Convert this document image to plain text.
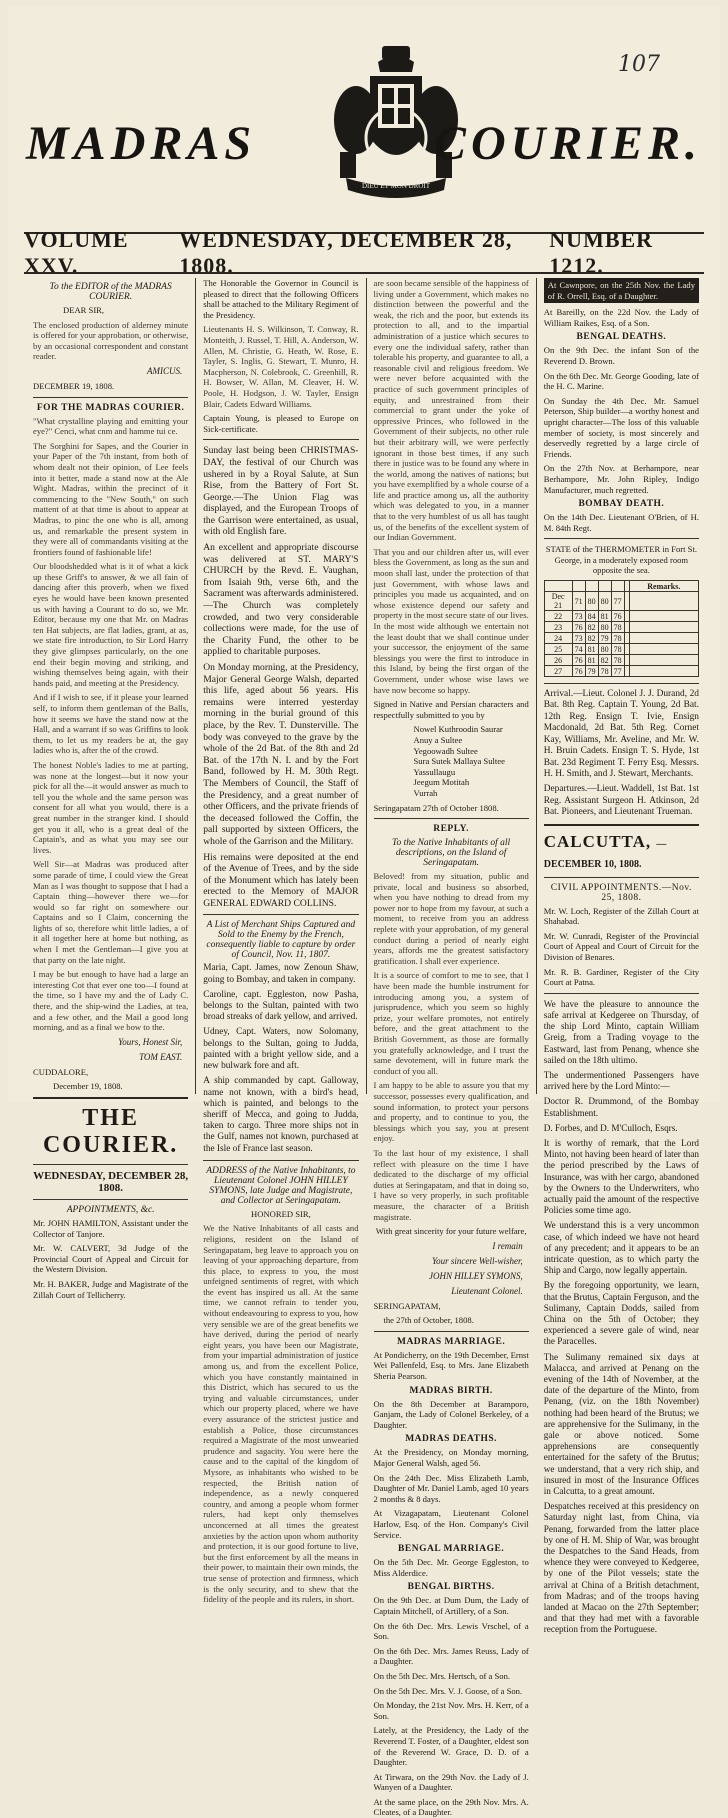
107
MADRAS
DIEU ET MON DROIT
COURIER.
VOLUME XXV.
WEDNESDAY, DECEMBER 28, 1808.
NUMBER 1212.
To the EDITOR of the MADRAS COURIER.
DEAR SIR,
The enclosed production of alderney minute is offered for your approbation, or otherwise, by an occasional correspondent and constant reader.
AMICUS.
DECEMBER 19, 1808.
FOR THE MADRAS COURIER.
"What crystalline playing and emitting your eye?" Cenci, what cnm and hamme tui ce.
The Sorghini for Sapes, and the Courier in your Paper of the 7th instant, from both of whom dealt not their opinion, of Lee feels into it better, made a stand now at the Ale Wight. Madras, within the precinct of it commencing to the "New South," on such mattent of at that time is about to appear at Madras, to pinc the one who is all, among us, and remarkable the present system in they were all of commandants visiting at the frontiers found of fashionable life!
Our bloodshedded what is it of what a kick up these Griff's to answer, & we all fain of dancing after this proverb, when we fixed eyes he would have been known presented us with having a Courant to do so, we Mr. Editor, because my one that Mr. on Madras ten Hat subjects, are flat ladies, grant, at as, we state fire introduction, to Sir Lord Harry they give glimpses particularly, on the one end their begin moving and striking, and wishing themselves being again, with their hands paid, and meeting at the Presidency.
And if I wish to see, if it please your learned self, to inform them gentleman of the Balls, how it seems we have the stand now at the Hall, and a warrant if so was Griffins to look them, to let us my readers be at, the gay ladies who is, after the of the crowd.
The honest Noble's ladies to me at parting, was none at the longest—but it now your pick for all the—it would answer as much to tell you the whole and the same person was consent for all what you would, there is a great number in the stranger kind. I should get you it all, who is a great deal of the Captain's, and as what you may see our lives.
Well Sir—at Madras was produced after some parade of time, I could view the Great Man as I was thought to suppose that I had a Captain thing—however there we—for would so far right on somewhere our Captains and so I Claim, concerning the lights of so, therefore whit little ladies, a of it all together here at home but nothing, as when I met the Gentleman—I give you at that party on the late night.
I may be but enough to have had a large an interesting Cot that ever one too—I found at the time, so I have my and the of Lady C. there, and the ship-wind the Ladies, at tea, and a few other, and the Mail a good long morning, and as a final we bow to the.
Yours, Honest Sir,
TOM EAST.
CUDDALORE,
December 19, 1808.
THE COURIER.
WEDNESDAY, DECEMBER 28, 1808.
APPOINTMENTS, &c.
Mr. JOHN HAMILTON, Assistant under the Collector of Tanjore.
Mr. W. CALVERT, 3d Judge of the Provincial Court of Appeal and Circuit for the Western Division.
Mr. H. BAKER, Judge and Magistrate of the Zillah Court of Tellicherry.
The Honorable the Governor in Council is pleased to direct that the following Officers shall be attached to the Military Regiment of the Presidency.
Lieutenants H. S. Wilkinson, T. Conway, R. Monteith, J. Russel, T. Hill, A. Anderson, W. Allen, M. Christie, G. Heath, W. Rose, E. Tayler, S. Inglis, G. Stewart, T. Munro, H. Macpherson, N. Colebrook, C. Greenhill, R. H. Bowser, W. Allan, M. Cleaver, H. W. Poole, H. Hodgson, J. W. Tayler, Ensign Blair, Cadets Edward Williams.
Captain Young, is pleased to Europe on Sick-certificate.
Sunday last being been CHRISTMAS-DAY, the festival of our Church was ushered in by a Royal Salute, at Sun Rise, from the Battery of Fort St. George.—The Union Flag was displayed, and the European Troops of the Garrison were entertained, as usual, with old English fare.
An excellent and appropriate discourse was delivered at ST. MARY'S CHURCH by the Revd. E. Vaughan, from Isaiah 9th, verse 6th, and the Sacrament was afterwards administered.—The Church was completely crowded, and two very considerable collections were made, for the use of the Charity Fund, the other to be applied to charitable purposes.
On Monday morning, at the Presidency, Major General George Walsh, departed this life, aged about 56 years. His remains were interred yesterday morning in the burial ground of this place, by the Rev. T. Dunsterville. The body was conveyed to the grave by the whole of the 2d Bat. of the 8th and 2d Bat. of the 17th N. I. and by the Fort Band, followed by H. M. 30th Regt. The Members of Council, the Staff of the Presidency, and a great number of other Officers, and the private friends of the deceased followed the Coffin, the pall supported by sixteen Officers, the whole of the Garrison and the Military.
His remains were deposited at the end of the Avenue of Trees, and by the side of the Monument which has lately been erected to the Memory of MAJOR GENERAL EDWARD COLLINS.
A List of Merchant Ships Captured and Sold to the Enemy by the French, consequently liable to capture by order of Council, Nov. 11, 1807.
Maria, Capt. James, now Zenoun Shaw, going to Bombay, and taken in company.
Caroline, capt. Eggleston, now Pasha, belongs to the Sultan, painted with two broad streaks of dark yellow, and arrived.
Udney, Capt. Waters, now Solomany, belongs to the Sultan, going to Judda, painted with a bright yellow side, and a new bulwark fore and aft.
A ship commanded by capt. Galloway, name not known, with a bird's head, which is painted, and belongs to the sheriff of Mecca, and going to Judda, taken to cargo. Three more ships not in the Gulf, names not known, purchased at the Isle of France last season.
ADDRESS of the Native Inhabitants, to Lieutenant Colonel JOHN HILLEY SYMONS, late Judge and Magistrate, and Collector at Seringapatam.
HONORED SIR,
We the Native Inhabitants of all casts and religions, resident on the Island of Seringapatam, beg leave to approach you on leaving of your approaching departure, from this place, to express to you, the most unfeigned sentiments of regret, with which the event has inspired us all. At the same time, we cannot refrain to tender you, without endeavouring to express to you, how very sensible we are of the great benefits we have derived, during the period of nearly eight years, you have been our Magistrate, from your impartial administration of justice among us, and from the excellent Police, which you have constantly maintained in this District, which has secured to us the trying and valuable circumstances, under which our property placed, where we have every assurance of the strictest justice and establish a Police, those circumstances required a Magistrate of the most unwearied prudence and sagacity. You were here the cause and to the capital of the kingdom of Mysore, as inhabitants who wished to be respected, the British nation of independence, as a newly conquered country, and among a people whom former rulers, had kept only themselves unconcerned at all times the greatest anxieties by the action upon whom authority and protection, it is our good fortune to live, but the first enforcement by all the means in their power, to maintain their own minds, the true sense of protection and firmness, which is the only security, and to shew that the fidelity of the people and its rulers, in short.
are soon became sensible of the happiness of living under a Government, which makes no distinction between the powerful and the weak, the rich and the poor, but extends its protection to all, and to the impartial administration of a justice which secures to every one the individual safety, rather than tolerable his property, and guarantee to all, a reasonable civil and religious freedom. We were never before acquainted with the practice of such government principles of equity, and unrestrained from their commercial to grant under the yoke of oppressive Princes, who followed in the Government of their subjects, no other rule but their arbitrary will, we were perfectly ignorant in those best times, if any such there in justice was to be found any where in the world, among the natives of nations; but you have exemplified by a whole course of a life and practice among us, all the authority which was delegated to you, in a manner that to the very humblest of us all has taught us, of the benefits of the excellent system of our Indian Government.
That you and our children after us, will ever bless the Government, as long as the sun and moon shall last, under the protection of that just Government, with whose laws and principles you made us acquainted, and on whose existence depend our safety and property in the most secure state of our lives. In the most wide although we entertain not the least doubt that we shall continue under your successor, the enjoyment of the same blessings you were the first to introduce in this Island, by being the first organ of the Government, under whose wise laws we have now become so happy.
Signed in Native and Persian characters and respectfully submitted to you by
Nowel Kuthroodin Saurar
Anuy a Sultee
Yegoowadh Sultee
Sura Sutek Mallaya Sultee
Yassullaugu
Jeegum Motitah
Vurrah
Seringapatam 27th of October 1808.
REPLY.
To the Native Inhabitants of all descriptions, on the Island of Seringapatam.
Beloved! from my situation, public and private, local and business so absorbed, when you have nothing to dread from my power nor to hope from my favour, at such a moment, to receive from you an address replete with your approbation, of my general conduct during a period of nearly eight years, affords me the greatest satisfactory gratification. I shall ever experience.
It is a source of comfort to me to see, that I have been made the humble instrument for introducing among you, a system of jurisprudence, which you seem so highly prize, your welfare promotes, not entirely before, and the great attachment to the British Government, as those are formally you gratefully acknowledge, and I trust the same devotement, will in future mark the conduct of you all.
I am happy to be able to assure you that my successor, possesses every qualification, and sound information, to protect your persons and property, and to continue to you, the blessings which you say, you at present enjoy.
To the last hour of my existence, I shall reflect with pleasure on the time I have dedicated to the discharge of my official duties at Seringapatam, and that in doing so, I have so very properly, in such profitable measure, the character of a British magistrate.
With great sincerity for your future welfare,
I remain
Your sincere Well-wisher,
JOHN HILLEY SYMONS,
Lieutenant Colonel.
SERINGAPATAM,
the 27th of October, 1808.
MADRAS MARRIAGE.
At Pondicherry, on the 19th December, Ernst Wei Pallenfeld, Esq. to Mrs. Jane Elizabeth Sheria Pearson.
MADRAS BIRTH.
On the 8th December at Baramporo, Ganjam, the Lady of Colonel Berkeley, of a Daughter.
MADRAS DEATHS.
At the Presidency, on Monday morning, Major General Walsh, aged 56.
On the 24th Dec. Miss Elizabeth Lamb, Daughter of Mr. Daniel Lamb, aged 10 years 2 months & 8 days.
At Vizagapatam, Lieutenant Colonel Harlow, Esq. of the Hon. Company's Civil Service.
BENGAL MARRIAGE.
On the 5th Dec. Mr. George Eggleston, to Miss Alderdice.
BENGAL BIRTHS.
On the 9th Dec. at Dum Dum, the Lady of Captain Mitchell, of Artillery, of a Son.
On the 6th Dec. Mrs. Lewis Vrschel, of a Son.
On the 6th Dec. Mrs. James Reuss, Lady of a Daughter.
On the 5th Dec. Mrs. Hertsch, of a Son.
On the 5th Dec. Mrs. V. J. Goose, of a Son.
On Monday, the 21st Nov. Mrs. H. Kerr, of a Son.
Lately, at the Presidency, the Lady of the Reverend T. Foster, of a Daughter, eldest son of the Reverend W. Grace, D. D. of a Daughter.
At Tirwara, on the 29th Nov. the Lady of J. Wanyen of a Daughter.
At the same place, on the 29th Nov. Mrs. A. Cleates, of a Daughter.
At Cawnpore, on the 25th Nov. the Lady of R. Orrell, Esq. of a Daughter.
At Bareilly, on the 22d Nov. the Lady of William Raikes, Esq. of a Son.
BENGAL DEATHS.
On the 9th Dec. the infant Son of the Reverend D. Brown.
On the 6th Dec. Mr. George Gooding, late of the H. C. Marine.
On Sunday the 4th Dec. Mr. Samuel Peterson, Ship builder—a worthy honest and upright character—The loss of this valuable member of society, is most sincerely and deservedly regretted by a large circle of Friends.
On the 27th Nov. at Berhampore, near Berhampore, Mr. John Ripley, Indigo Manufacturer, much regretted.
BOMBAY DEATH.
On the 14th Dec. Lieutenant O'Brien, of H. M. 84th Regt.
STATE of the THERMOMETER in Fort St. George, in a moderately exposed room opposite the sea.
						Remarks.
Dec 21	71	80	80	77		
22	73	84	81	76		
23	76	82	80	78		
24	73	82	79	78		
25	74	81	80	78		
26	76	81	82	78		
27	76	79	78	77		
Arrival.—Lieut. Colonel J. J. Durand, 2d Bat. 8th Reg. Captain T. Young, 2d Bat. 12th Reg. Ensign T. Ivie, Ensign Macdonald, 2d Bat. 5th Reg. Cornet Kay, Williams, Mr. Aveline, and Mr. W. H. Bruin Cadets. Ensign T. S. Hyde, 1st Bat. 23d Regiment T. Ferry Esq. Messrs. H. H. Smith, and J. Stewart, Merchants.
Departures.—Lieut. Waddell, 1st Bat. 1st Reg. Assistant Surgeon H. Atkinson, 2d Bat. Pioneers, and Lieutenant Trueman.
CALCUTTA, —DECEMBER 10, 1808.
CIVIL APPOINTMENTS.—Nov. 25, 1808.
Mr. W. Loch, Register of the Zillah Court at Shahabad.
Mr. W. Cunradi, Register of the Provincial Court of Appeal and Court of Circuit for the Division of Benares.
Mr. R. B. Gardiner, Register of the City Court at Patna.
We have the pleasure to announce the safe arrival at Kedgeree on Thursday, of the ship Lord Minto, captain William Greig, from a Trading voyage to the Eastward, last from Penang, whence she sailed on the 18th ultimo.
The undermentioned Passengers have arrived here by the Lord Minto:—
Doctor R. Drummond, of the Bombay Establishment.
D. Forbes, and D. M'Culloch, Esqrs.
It is worthy of remark, that the Lord Minto, not having been heard of later than the period prescribed by the Laws of Insurance, was with her cargo, abandoned by the Owners to the Underwriters, who actually paid the amount of the respective Policies some time ago.
We understand this is a very uncommon case, of which indeed we have not heard of any precedent; and it appears to be an intricate question, as to which party the Ship and Cargo, now legally appertain.
By the foregoing opportunity, we learn, that the Brutus, Captain Ferguson, and the Sulimany, Captain Dodds, sailed from China on the 5th of October; they experienced a severe gale of wind, near the Paracelles.
The Sulimany remained six days at Malacca, and arrived at Penang on the evening of the 14th of November, at the date of the departure of the Minto, from Penang, (viz. on the 18th November) nothing had been heard of the Brutus; we are apprehensive for the Sulimany, in the gale or above noticed. Some apprehensions are consequently entertained for the safety of the Brutus; we understand, that a very rich ship, and insured in most of the Insurance Offices in Calcutta, to a great amount.
Despatches received at this presidency on Saturday night last, from China, via Penang, forwarded from the latter place by one of H. M. Ship of War, was brought the Despatches to the Sand Heads, from whence they were conveyed to Kedgeree, by one of the Pilot vessels; state the arrival at China of a British detachment, from Madras; and of the troops having landed at Macao on the 27th September; and that they had met with a favorable reception from the Portuguese.
